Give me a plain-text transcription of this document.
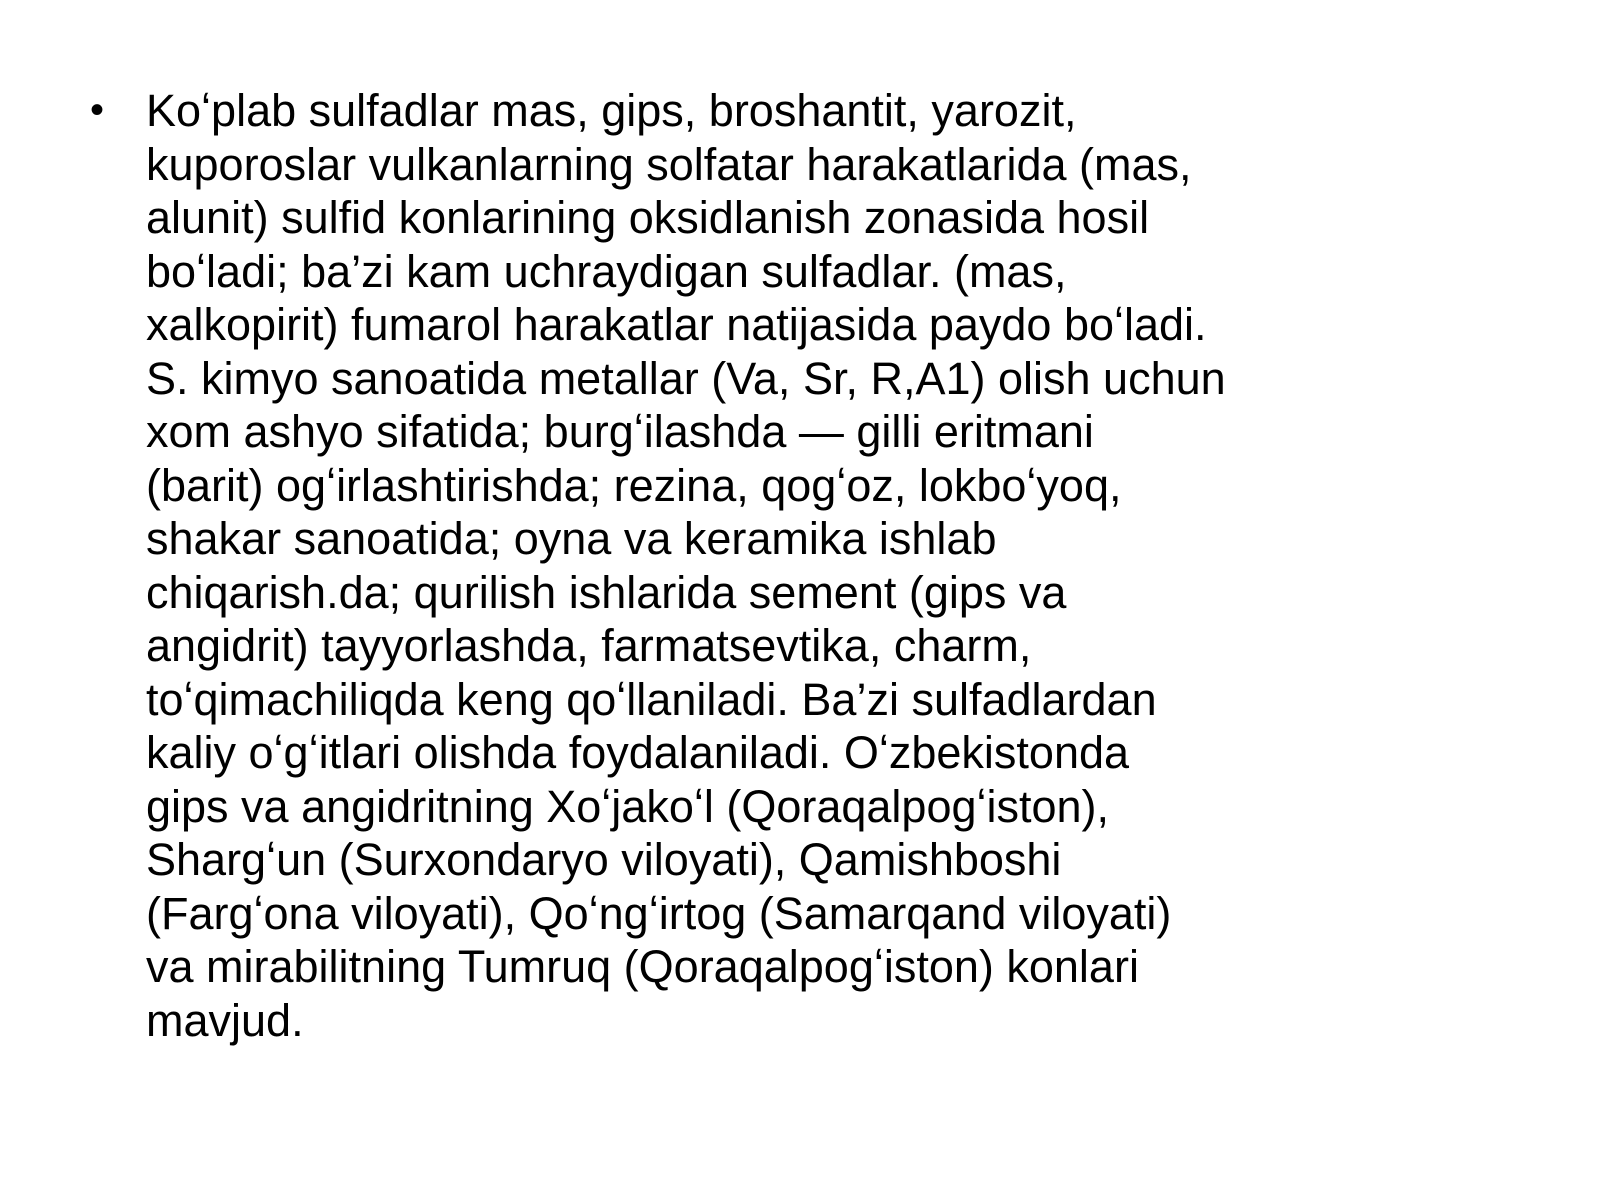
• Koʻplab sulfadlar mas, gips, broshantit, yarozit,
kuporoslar vulkanlarning solfatar harakatlarida (mas,
alunit) sulfid konlarining oksidlanish zonasida hosil
boʻladi; ba’zi kam uchraydigan sulfadlar. (mas,
xalkopirit) fumarol harakatlar natijasida paydo boʻladi.
S. kimyo sanoatida metallar (Va, Sr, R,A1) olish uchun
xom ashyo sifatida; burgʻilashda — gilli eritmani
(barit) ogʻirlashtirishda; rezina, qogʻoz, lokboʻyoq,
shakar sanoatida; oyna va keramika ishlab
chiqarish.da; qurilish ishlarida sement (gips va
angidrit) tayyorlashda, farmatsevtika, charm,
toʻqimachiliqda keng qoʻllaniladi. Ba’zi sulfadlardan
kaliy oʻgʻitlari olishda foydalaniladi. Oʻzbekistonda
gips va angidritning Xoʻjakoʻl (Qoraqalpogʻiston),
Shargʻun (Surxondaryo viloyati), Qamishboshi
(Fargʻona viloyati), Qoʻngʻirtog (Samarqand viloyati)
va mirabilitning Tumruq (Qoraqalpogʻiston) konlari
mavjud.
